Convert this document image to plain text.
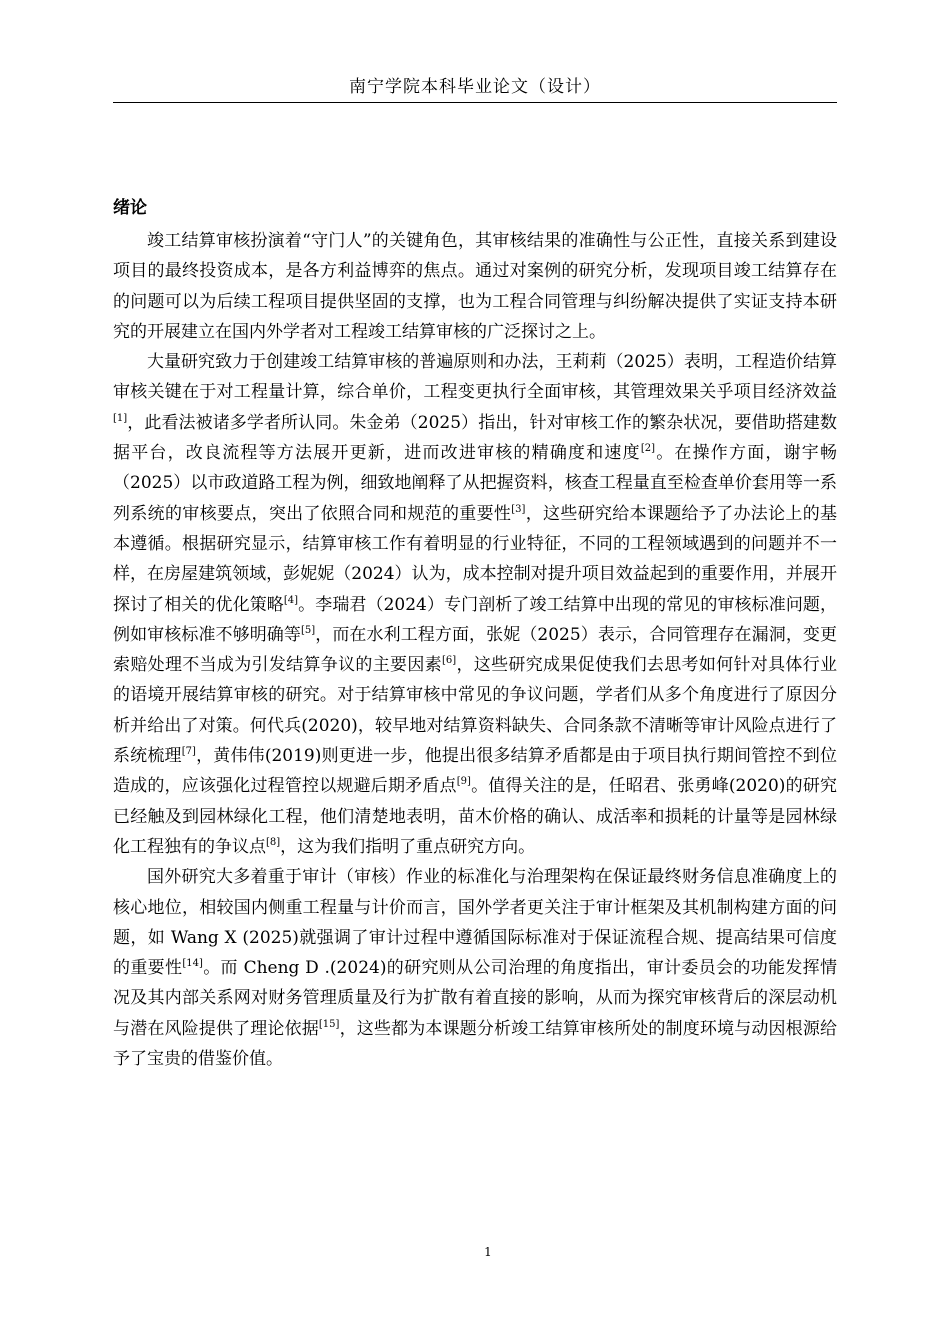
南宁学院本科毕业论文（设计）
绪论

竣工结算审核扮演着“守门人”的关键角色，其审核结果的准确性与公正性，直接关系到建设项目的最终投资成本，是各方利益博弈的焦点。通过对案例的研究分析，发现项目竣工结算存在的问题可以为后续工程项目提供坚固的支撑，也为工程合同管理与纠纷解决提供了实证支持本研究的开展建立在国内外学者对工程竣工结算审核的广泛探讨之上。

大量研究致力于创建竣工结算审核的普遍原则和办法，王莉莉（2025）表明，工程造价结算审核关键在于对工程量计算，综合单价，工程变更执行全面审核，其管理效果关乎项目经济效益[1]，此看法被诸多学者所认同。朱金弟（2025）指出，针对审核工作的繁杂状况，要借助搭建数据平台，改良流程等方法展开更新，进而改进审核的精确度和速度[2]。在操作方面，谢宇畅（2025）以市政道路工程为例，细致地阐释了从把握资料，核查工程量直至检查单价套用等一系列系统的审核要点，突出了依照合同和规范的重要性[3]，这些研究给本课题给予了办法论上的基本遵循。根据研究显示，结算审核工作有着明显的行业特征，不同的工程领域遇到的问题并不一样，在房屋建筑领域，彭妮妮（2024）认为，成本控制对提升项目效益起到的重要作用，并展开探讨了相关的优化策略[4]。李瑞君（2024）专门剖析了竣工结算中出现的常见的审核标准问题，例如审核标准不够明确等[5]，而在水利工程方面，张妮（2025）表示，合同管理存在漏洞，变更索赔处理不当成为引发结算争议的主要因素[6]，这些研究成果促使我们去思考如何针对具体行业的语境开展结算审核的研究。对于结算审核中常见的争议问题，学者们从多个角度进行了原因分析并给出了对策。何代兵(2020)，较早地对结算资料缺失、合同条款不清晰等审计风险点进行了系统梳理[7]，黄伟伟(2019)则更进一步，他提出很多结算矛盾都是由于项目执行期间管控不到位造成的，应该强化过程管控以规避后期矛盾点[9]。值得关注的是，任昭君、张勇峰(2020)的研究已经触及到园林绿化工程，他们清楚地表明，苗木价格的确认、成活率和损耗的计量等是园林绿化工程独有的争议点[8]，这为我们指明了重点研究方向。

国外研究大多着重于审计（审核）作业的标准化与治理架构在保证最终财务信息准确度上的核心地位，相较国内侧重工程量与计价而言，国外学者更关注于审计框架及其机制构建方面的问题，如 Wang X (2025)就强调了审计过程中遵循国际标准对于保证流程合规、提高结果可信度的重要性[14]。而 Cheng D .(2024)的研究则从公司治理的角度指出，审计委员会的功能发挥情况及其内部关系网对财务管理质量及行为扩散有着直接的影响，从而为探究审核背后的深层动机与潜在风险提供了理论依据[15]，这些都为本课题分析竣工结算审核所处的制度环境与动因根源给予了宝贵的借鉴价值。

1
